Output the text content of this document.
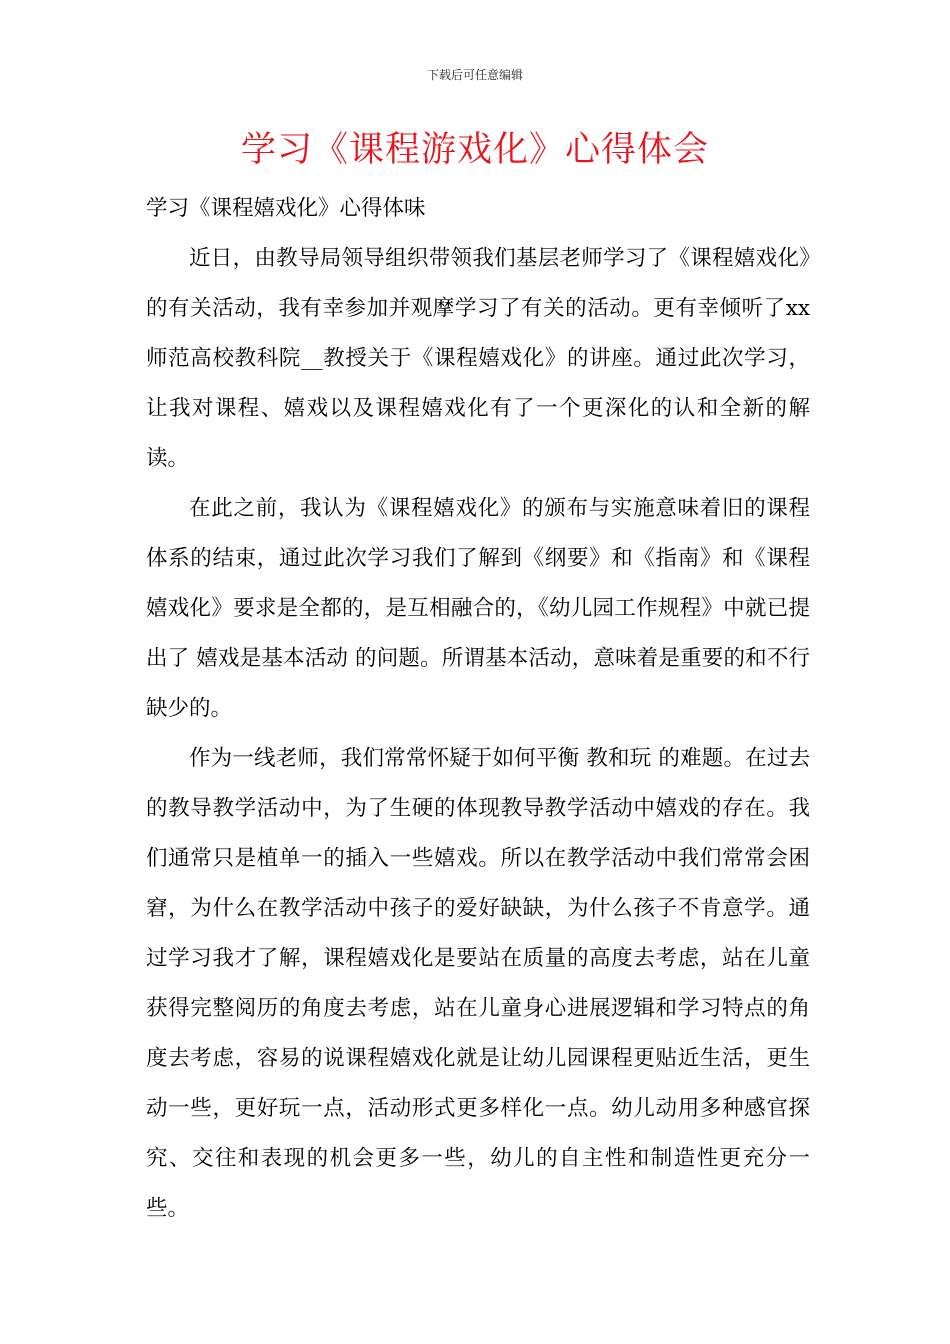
下载后可任意编辑
学习《课程游戏化》心得体会

学习《课程嬉戏化》心得体味

近日，由教导局领导组织带领我们基层老师学习了《课程嬉戏化》的有关活动，我有幸参加并观摩学习了有关的活动。更有幸倾听了xx师范高校教科院__教授关于《课程嬉戏化》的讲座。通过此次学习，让我对课程、嬉戏以及课程嬉戏化有了一个更深化的认和全新的解读。

在此之前，我认为《课程嬉戏化》的颁布与实施意味着旧的课程体系的结束，通过此次学习我们了解到《纲要》和《指南》和《课程嬉戏化》要求是全都的，是互相融合的，《幼儿园工作规程》中就已提出了 嬉戏是基本活动 的问题。所谓基本活动，意味着是重要的和不行缺少的。

作为一线老师，我们常常怀疑于如何平衡 教和玩 的难题。在过去的教导教学活动中，为了生硬的体现教导教学活动中嬉戏的存在。我们通常只是植单一的插入一些嬉戏。所以在教学活动中我们常常会困窘，为什么在教学活动中孩子的爱好缺缺，为什么孩子不肯意学。通过学习我才了解，课程嬉戏化是要站在质量的高度去考虑，站在儿童获得完整阅历的角度去考虑，站在儿童身心进展逻辑和学习特点的角度去考虑，容易的说课程嬉戏化就是让幼儿园课程更贴近生活，更生动一些，更好玩一点，活动形式更多样化一点。幼儿动用多种感官探究、交往和表现的机会更多一些，幼儿的自主性和制造性更充分一些。
